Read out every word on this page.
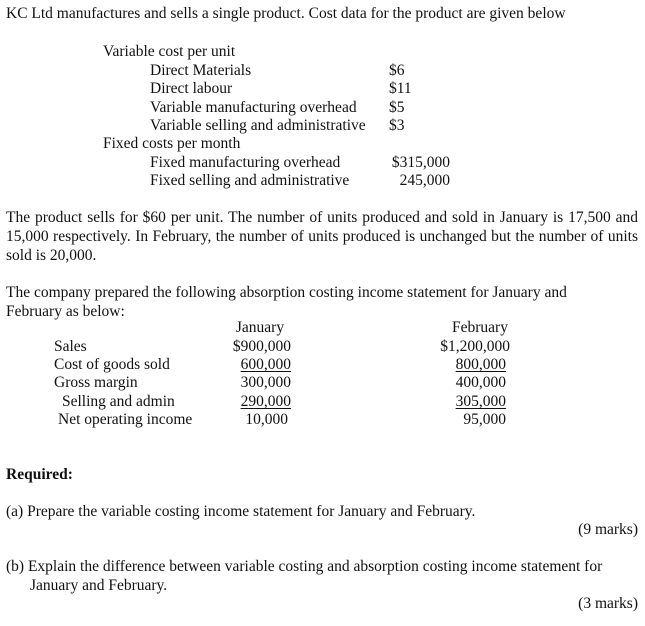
KC Ltd manufactures and sells a single product. Cost data for the product are given below
Variable cost per unit
Direct Materials	$6
Direct labour	$11
Variable manufacturing overhead $5
Variable selling and administrative $3
Fixed costs per month
Fixed manufacturing overhead	$315,000
Fixed selling and administrative	245,000
The product sells for $60 per unit. The number of units produced and sold in January is 17,500 and 15,000 respectively. In February, the number of units produced is unchanged but the number of units sold is 20,000.
The company prepared the following absorption costing income statement for January and February as below:
January	February
Sales	$900,000	$1,200,000
Cost of goods sold	600,000	800,000
Gross margin	300,000	400,000
Selling and admin	290,000	305,000
Net operating income	10,000	95,000
Required:
(a) Prepare the variable costing income statement for January and February.
(9 marks)
(b) Explain the difference between variable costing and absorption costing income statement for
January and February.
(3 marks)
